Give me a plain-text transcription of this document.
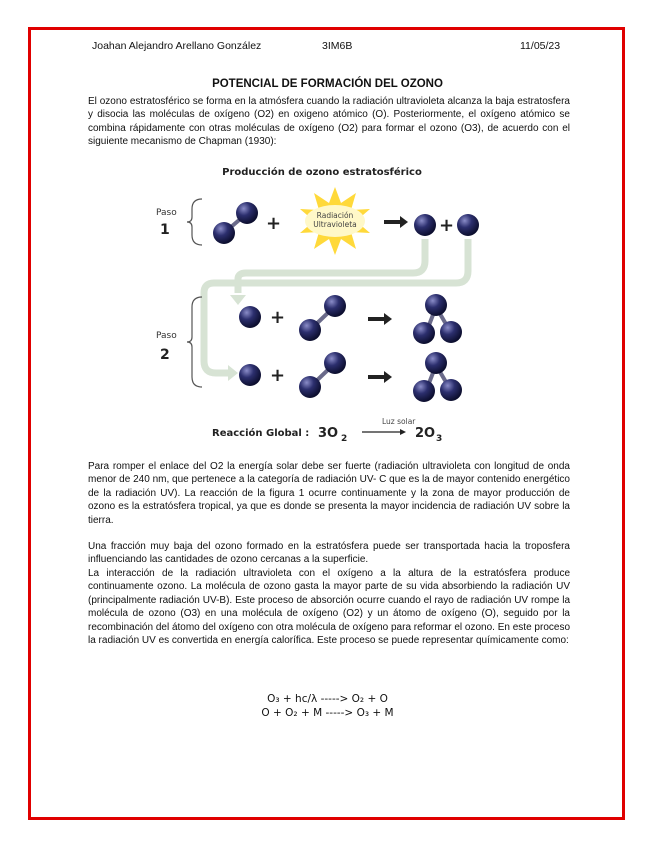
Joahan Alejandro Arellano González	3IM6B	11/05/23
POTENCIAL DE FORMACIÓN DEL OZONO
El ozono estratosférico se forma en la atmósfera cuando la radiación ultravioleta alcanza la baja estratosfera y disocia las moléculas de oxígeno (O2) en oxigeno atómico (O). Posteriormente, el oxígeno atómico se combina rápidamente con otras moléculas de oxígeno (O2) para formar el ozono (O3), de acuerdo con el siguiente mecanismo de Chapman (1930):
Producción de ozono estratosférico
Paso
1	+	Radiación
Ultravioleta	+
Paso
2
+
+
Reacción Global : 3O 2
Luz solar
2O 3
Para romper el enlace del O2 la energía solar debe ser fuerte (radiación ultravioleta con longitud de onda menor de 240 nm, que pertenece a la categoría de radiación UV- C que es la de mayor contenido energético de la radiación UV). La reacción de la figura 1 ocurre continuamente y la zona de mayor producción de ozono es la estratósfera tropical, ya que es donde se presenta la mayor incidencia de radiación UV sobre la tierra.
Una fracción muy baja del ozono formado en la estratósfera puede ser transportada hacia la troposfera influenciando las cantidades de ozono cercanas a la superficie.
La interacción de la radiación ultravioleta con el oxígeno a la altura de la estratósfera produce continuamente ozono. La molécula de ozono gasta la mayor parte de su vida absorbiendo la radiación UV (principalmente radiación UV-B). Este proceso de absorción ocurre cuando el rayo de radiación UV rompe la molécula de ozono (O3) en una molécula de oxígeno (O2) y un átomo de oxígeno (O), seguido por la recombinación del átomo del oxígeno con otra molécula de oxígeno para reformar el ozono. En este proceso la radiación UV es convertida en energía calorífica. Este proceso se puede representar químicamente como:
O₃ + hc/λ -----> O₂ + O
O + O₂ + M -----> O₃ + M
